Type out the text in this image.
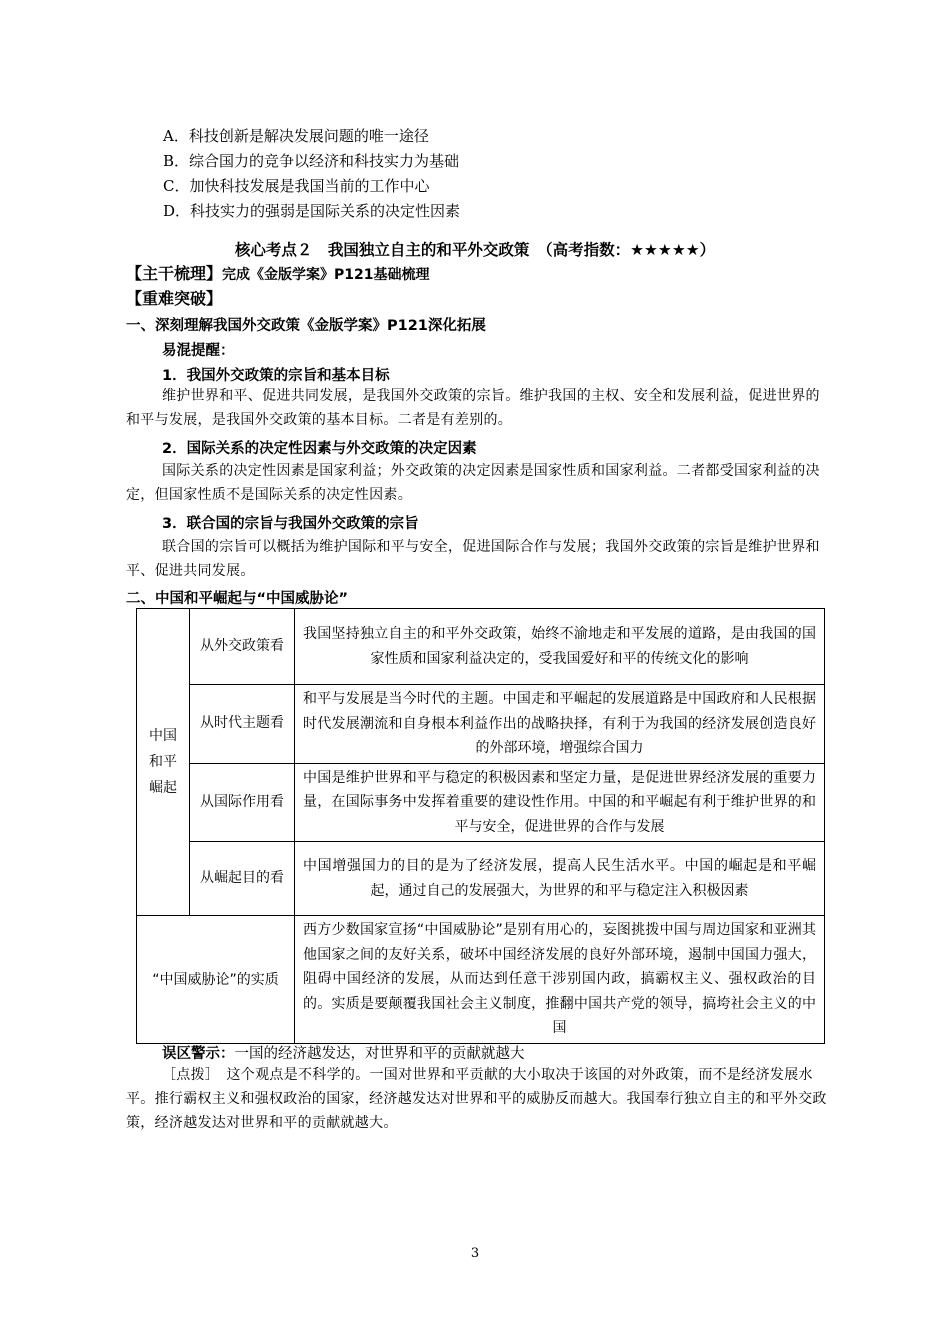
A．科技创新是解决发展问题的唯一途径
B．综合国力的竞争以经济和科技实力为基础
C．加快科技发展是我国当前的工作中心
D．科技实力的强弱是国际关系的决定性因素
核心考点２　我国独立自主的和平外交政策　（高考指数：★★★★★）
【主干梳理】完成《金版学案》P121基础梳理
【重难突破】
一、深刻理解我国外交政策《金版学案》P121深化拓展
易混提醒：
1．我国外交政策的宗旨和基本目标
维护世界和平、促进共同发展，是我国外交政策的宗旨。维护我国的主权、安全和发展利益，促进世界的和平与发展，是我国外交政策的基本目标。二者是有差别的。
2．国际关系的决定性因素与外交政策的决定因素
国际关系的决定性因素是国家利益；外交政策的决定因素是国家性质和国家利益。二者都受国家利益的决定，但国家性质不是国际关系的决定性因素。
3．联合国的宗旨与我国外交政策的宗旨
联合国的宗旨可以概括为维护国际和平与安全，促进国际合作与发展；我国外交政策的宗旨是维护世界和平、促进共同发展。
二、中国和平崛起与“中国威胁论”
中国和平崛起	从外交政策看	我国坚持独立自主的和平外交政策，始终不渝地走和平发展的道路，是由我国的国家性质和国家利益决定的，受我国爱好和平的传统文化的影响

	从时代主题看	和平与发展是当今时代的主题。中国走和平崛起的发展道路是中国政府和人民根据时代发展潮流和自身根本利益作出的战略抉择，有利于为我国的经济发展创造良好的外部环境，增强综合国力

	从国际作用看	中国是维护世界和平与稳定的积极因素和坚定力量，是促进世界经济发展的重要力量，在国际事务中发挥着重要的建设性作用。中国的和平崛起有利于维护世界的和平与安全，促进世界的合作与发展

	从崛起目的看	中国增强国力的目的是为了经济发展，提高人民生活水平。中国的崛起是和平崛起，通过自己的发展强大，为世界的和平与稳定注入积极因素

“中国威胁论”的实质		西方少数国家宣扬“中国威胁论”是别有用心的，妄图挑拨中国与周边国家和亚洲其他国家之间的友好关系，破坏中国经济发展的良好外部环境，遏制中国国力强大，阻碍中国经济的发展，从而达到任意干涉别国内政，搞霸权主义、强权政治的目的。实质是要颠覆我国社会主义制度，推翻中国共产党的领导，搞垮社会主义的中国
误区警示：一国的经济越发达，对世界和平的贡献就越大
［点拨］　这个观点是不科学的。一国对世界和平贡献的大小取决于该国的对外政策，而不是经济发展水平。推行霸权主义和强权政治的国家，经济越发达对世界和平的威胁反而越大。我国奉行独立自主的和平外交政策，经济越发达对世界和平的贡献就越大。
3
